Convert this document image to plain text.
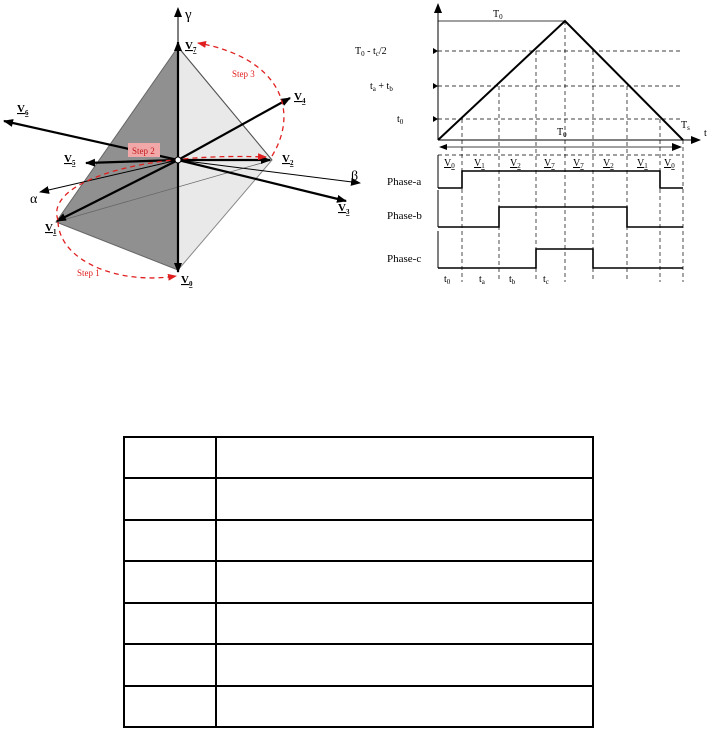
γ
β
α
$V_7$
$V_4$
$V_6$
$V_5$	$V_2$
$V_3$
$V_1$
$V_0$
Step 3
Step 2
Step 1
t
$T_0$
$T_0 - t_c/2$
$t_a + t_b$
$t_0$
$T_0$
$T_s$
$V_0$ $V_1$	$V_2$ $V_7$ $V_7$ $V_2$ $V_1$ $V_0$
Phase-a
Phase-b
Phase-c
$t_0$	$t_a$ $t_b$	$t_c$
